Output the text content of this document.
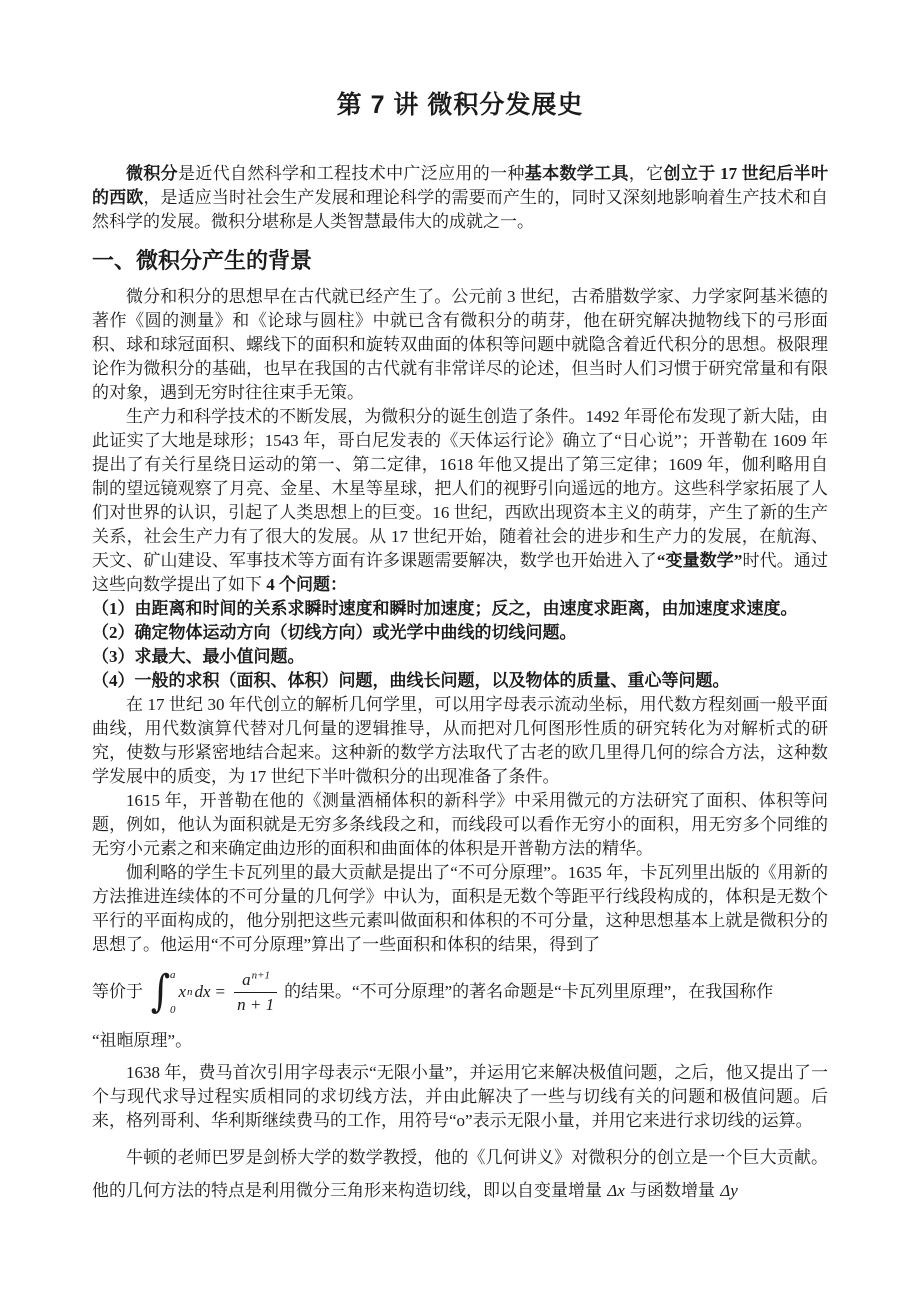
第 7 讲 微积分发展史
微积分是近代自然科学和工程技术中广泛应用的一种基本数学工具，它创立于 17 世纪后半叶的西欧，是适应当时社会生产发展和理论科学的需要而产生的，同时又深刻地影响着生产技术和自然科学的发展。微积分堪称是人类智慧最伟大的成就之一。
一、微积分产生的背景
微分和积分的思想早在古代就已经产生了。公元前 3 世纪，古希腊数学家、力学家阿基米德的著作《圆的测量》和《论球与圆柱》中就已含有微积分的萌芽，他在研究解决抛物线下的弓形面积、球和球冠面积、螺线下的面积和旋转双曲面的体积等问题中就隐含着近代积分的思想。极限理论作为微积分的基础，也早在我国的古代就有非常详尽的论述，但当时人们习惯于研究常量和有限的对象，遇到无穷时往往束手无策。
生产力和科学技术的不断发展，为微积分的诞生创造了条件。1492 年哥伦布发现了新大陆，由此证实了大地是球形；1543 年，哥白尼发表的《天体运行论》确立了“日心说”；开普勒在 1609 年提出了有关行星绕日运动的第一、第二定律，1618 年他又提出了第三定律；1609 年，伽利略用自制的望远镜观察了月亮、金星、木星等星球，把人们的视野引向遥远的地方。这些科学家拓展了人们对世界的认识，引起了人类思想上的巨变。16 世纪，西欧出现资本主义的萌芽，产生了新的生产关系，社会生产力有了很大的发展。从 17 世纪开始，随着社会的进步和生产力的发展，在航海、天文、矿山建设、军事技术等方面有许多课题需要解决，数学也开始进入了“变量数学”时代。通过这些向数学提出了如下 4 个问题：
（1）由距离和时间的关系求瞬时速度和瞬时加速度；反之，由速度求距离，由加速度求速度。
（2）确定物体运动方向（切线方向）或光学中曲线的切线问题。
（3）求最大、最小值问题。
（4）一般的求积（面积、体积）问题，曲线长问题，以及物体的质量、重心等问题。
在 17 世纪 30 年代创立的解析几何学里，可以用字母表示流动坐标，用代数方程刻画一般平面曲线，用代数演算代替对几何量的逻辑推导，从而把对几何图形性质的研究转化为对解析式的研究，使数与形紧密地结合起来。这种新的数学方法取代了古老的欧几里得几何的综合方法，这种数学发展中的质变，为 17 世纪下半叶微积分的出现准备了条件。
1615 年，开普勒在他的《测量酒桶体积的新科学》中采用微元的方法研究了面积、体积等问题，例如，他认为面积就是无穷多条线段之和，而线段可以看作无穷小的面积，用无穷多个同维的无穷小元素之和来确定曲边形的面积和曲面体的体积是开普勒方法的精华。
伽利略的学生卡瓦列里的最大贡献是提出了“不可分原理”。1635 年，卡瓦列里出版的《用新的方法推进连续体的不可分量的几何学》中认为，面积是无数个等距平行线段构成的，体积是无数个平行的平面构成的，他分别把这些元素叫做面积和体积的不可分量，这种思想基本上就是微积分的思想了。他运用“不可分原理”算出了一些面积和体积的结果，得到了
等价于 ∫ a
0
x n dx = $\frac{a^{n+1}}{n + 1}$ 的结果。“不可分原理”的著名命题是“卡瓦列里原理”，在我国称作
“祖暅原理”。
1638 年，费马首次引用字母表示“无限小量”，并运用它来解决极值问题，之后，他又提出了一个与现代求导过程实质相同的求切线方法，并由此解决了一些与切线有关的问题和极值问题。后来，格列哥利、华利斯继续费马的工作，用符号“o”表示无限小量，并用它来进行求切线的运算。
牛顿的老师巴罗是剑桥大学的数学教授，他的《几何讲义》对微积分的创立是一个巨大贡献。他的几何方法的特点是利用微分三角形来构造切线，即以自变量增量 Δx 与函数增量 Δy
